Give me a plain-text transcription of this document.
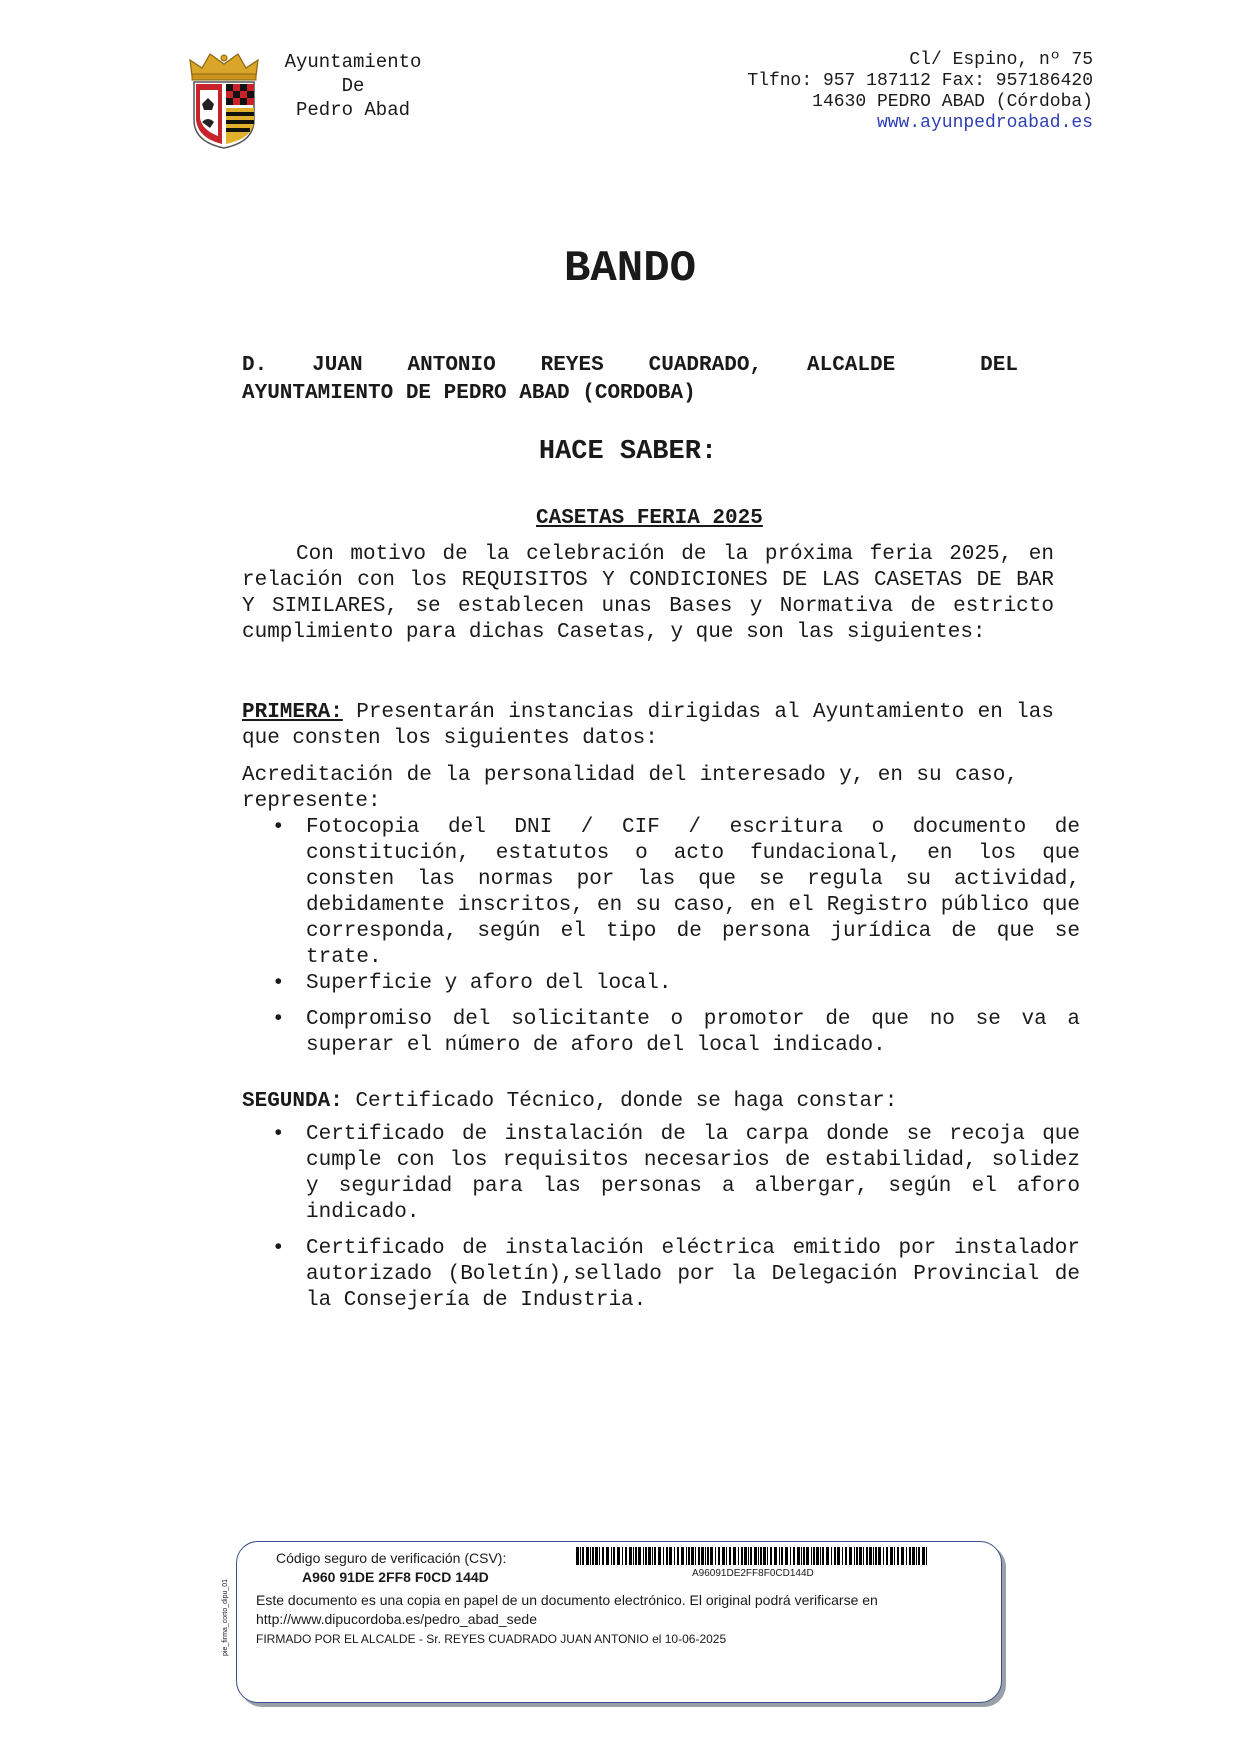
Ayuntamiento
De
Pedro Abad
Cl/ Espino, nº 75
Tlfno: 957 187112 Fax: 957186420
14630 PEDRO ABAD (Córdoba)
www.ayunpedroabad.es
BANDO
D. JUAN ANTONIO REYES CUADRADO, ALCALDE	DEL
AYUNTAMIENTO DE PEDRO ABAD (CORDOBA)
HACE SABER:
CASETAS FERIA 2025
Con motivo de la celebración de la próxima feria 2025, en relación con los REQUISITOS Y CONDICIONES DE LAS CASETAS DE BAR Y SIMILARES, se establecen unas Bases y Normativa de estricto cumplimiento para dichas Casetas, y que son las siguientes:
PRIMERA: Presentarán instancias dirigidas al Ayuntamiento en las que consten los siguientes datos:
Acreditación de la personalidad del interesado y, en su caso, represente:
• Fotocopia del DNI / CIF / escritura o documento de constitución, estatutos o acto fundacional, en los que consten las normas por las que se regula su actividad, debidamente inscritos, en su caso, en el Registro público que corresponda, según el tipo de persona jurídica de que se trate.
• Superficie y aforo del local.
• Compromiso del solicitante o promotor de que no se va a superar el número de aforo del local indicado.
SEGUNDA: Certificado Técnico, donde se haga constar:
• Certificado de instalación de la carpa donde se recoja que cumple con los requisitos necesarios de estabilidad, solidez y seguridad para las personas a albergar, según el aforo indicado.
• Certificado de instalación eléctrica emitido por instalador autorizado (Boletín),sellado por la Delegación Provincial de la Consejería de Industria.
Código seguro de verificación (CSV):
A960 91DE 2FF8 F0CD 144D	A96091DE2FF8F0CD144D
Este documento es una copia en papel de un documento electrónico. El original podrá verificarse en
http://www.dipucordoba.es/pedro_abad_sede
FIRMADO POR EL ALCALDE - Sr. REYES CUADRADO JUAN ANTONIO el 10-06-2025
pie_firma_corto_dipu_01
